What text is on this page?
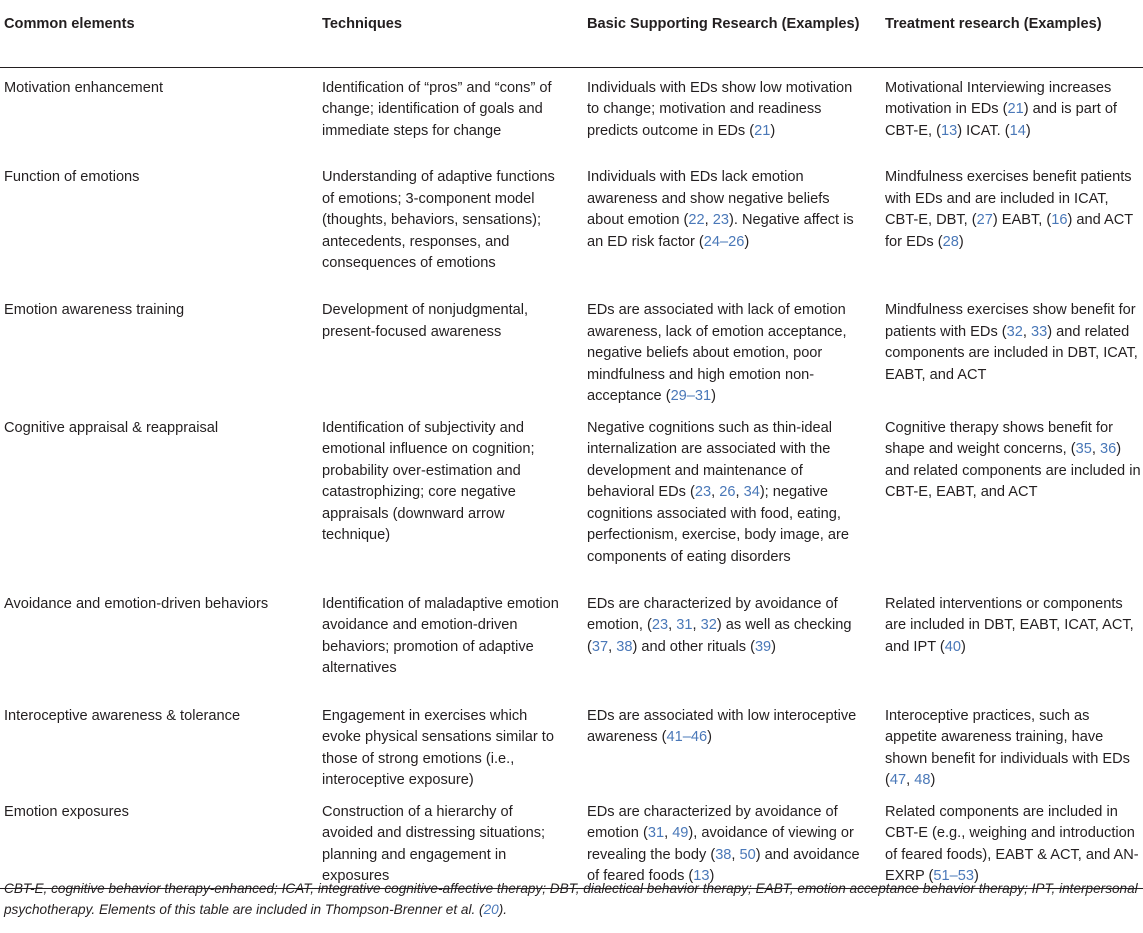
Common elements	Techniques	Basic Supporting Research (Examples)	Treatment research (Examples)
Motivation enhancement	Identification of “pros” and “cons” of change; identification of goals and immediate steps for change	Individuals with EDs show low motivation to change; motivation and readiness predicts outcome in EDs (21)	Motivational Interviewing increases motivation in EDs (21) and is part of CBT-E, (13) ICAT. (14)
Function of emotions	Understanding of adaptive functions of emotions; 3-component model (thoughts, behaviors, sensations); antecedents, responses, and consequences of emotions	Individuals with EDs lack emotion awareness and show negative beliefs about emotion (22, 23). Negative affect is an ED risk factor (24–26)	Mindfulness exercises benefit patients with EDs and are included in ICAT, CBT-E, DBT, (27) EABT, (16) and ACT for EDs (28)
Emotion awareness training	Development of nonjudgmental, present-focused awareness	EDs are associated with lack of emotion awareness, lack of emotion acceptance, negative beliefs about emotion, poor mindfulness and high emotion non-acceptance (29–31)	Mindfulness exercises show benefit for patients with EDs (32, 33) and related components are included in DBT, ICAT, EABT, and ACT
Cognitive appraisal & reappraisal	Identification of subjectivity and emotional influence on cognition; probability over-estimation and catastrophizing; core negative appraisals (downward arrow technique)	Negative cognitions such as thin-ideal internalization are associated with the development and maintenance of behavioral EDs (23, 26, 34); negative cognitions associated with food, eating, perfectionism, exercise, body image, are components of eating disorders	Cognitive therapy shows benefit for shape and weight concerns, (35, 36) and related components are included in CBT-E, EABT, and ACT
Avoidance and emotion-driven behaviors	Identification of maladaptive emotion avoidance and emotion-driven behaviors; promotion of adaptive alternatives	EDs are characterized by avoidance of emotion, (23, 31, 32) as well as checking (37, 38) and other rituals (39)	Related interventions or components are included in DBT, EABT, ICAT, ACT, and IPT (40)
Interoceptive awareness & tolerance	Engagement in exercises which evoke physical sensations similar to those of strong emotions (i.e., interoceptive exposure)	EDs are associated with low interoceptive awareness (41–46)	Interoceptive practices, such as appetite awareness training, have shown benefit for individuals with EDs (47, 48)
Emotion exposures	Construction of a hierarchy of avoided and distressing situations; planning and engagement in exposures	EDs are characterized by avoidance of emotion (31, 49), avoidance of viewing or revealing the body (38, 50) and avoidance of feared foods (13)	Related components are included in CBT-E (e.g., weighing and introduction of feared foods), EABT & ACT, and AN-EXRP (51–53)
CBT-E, cognitive behavior therapy-enhanced; ICAT, integrative cognitive-affective therapy; DBT, dialectical behavior therapy; EABT, emotion acceptance behavior therapy; IPT, interpersonal psychotherapy. Elements of this table are included in Thompson-Brenner et al. (20).
